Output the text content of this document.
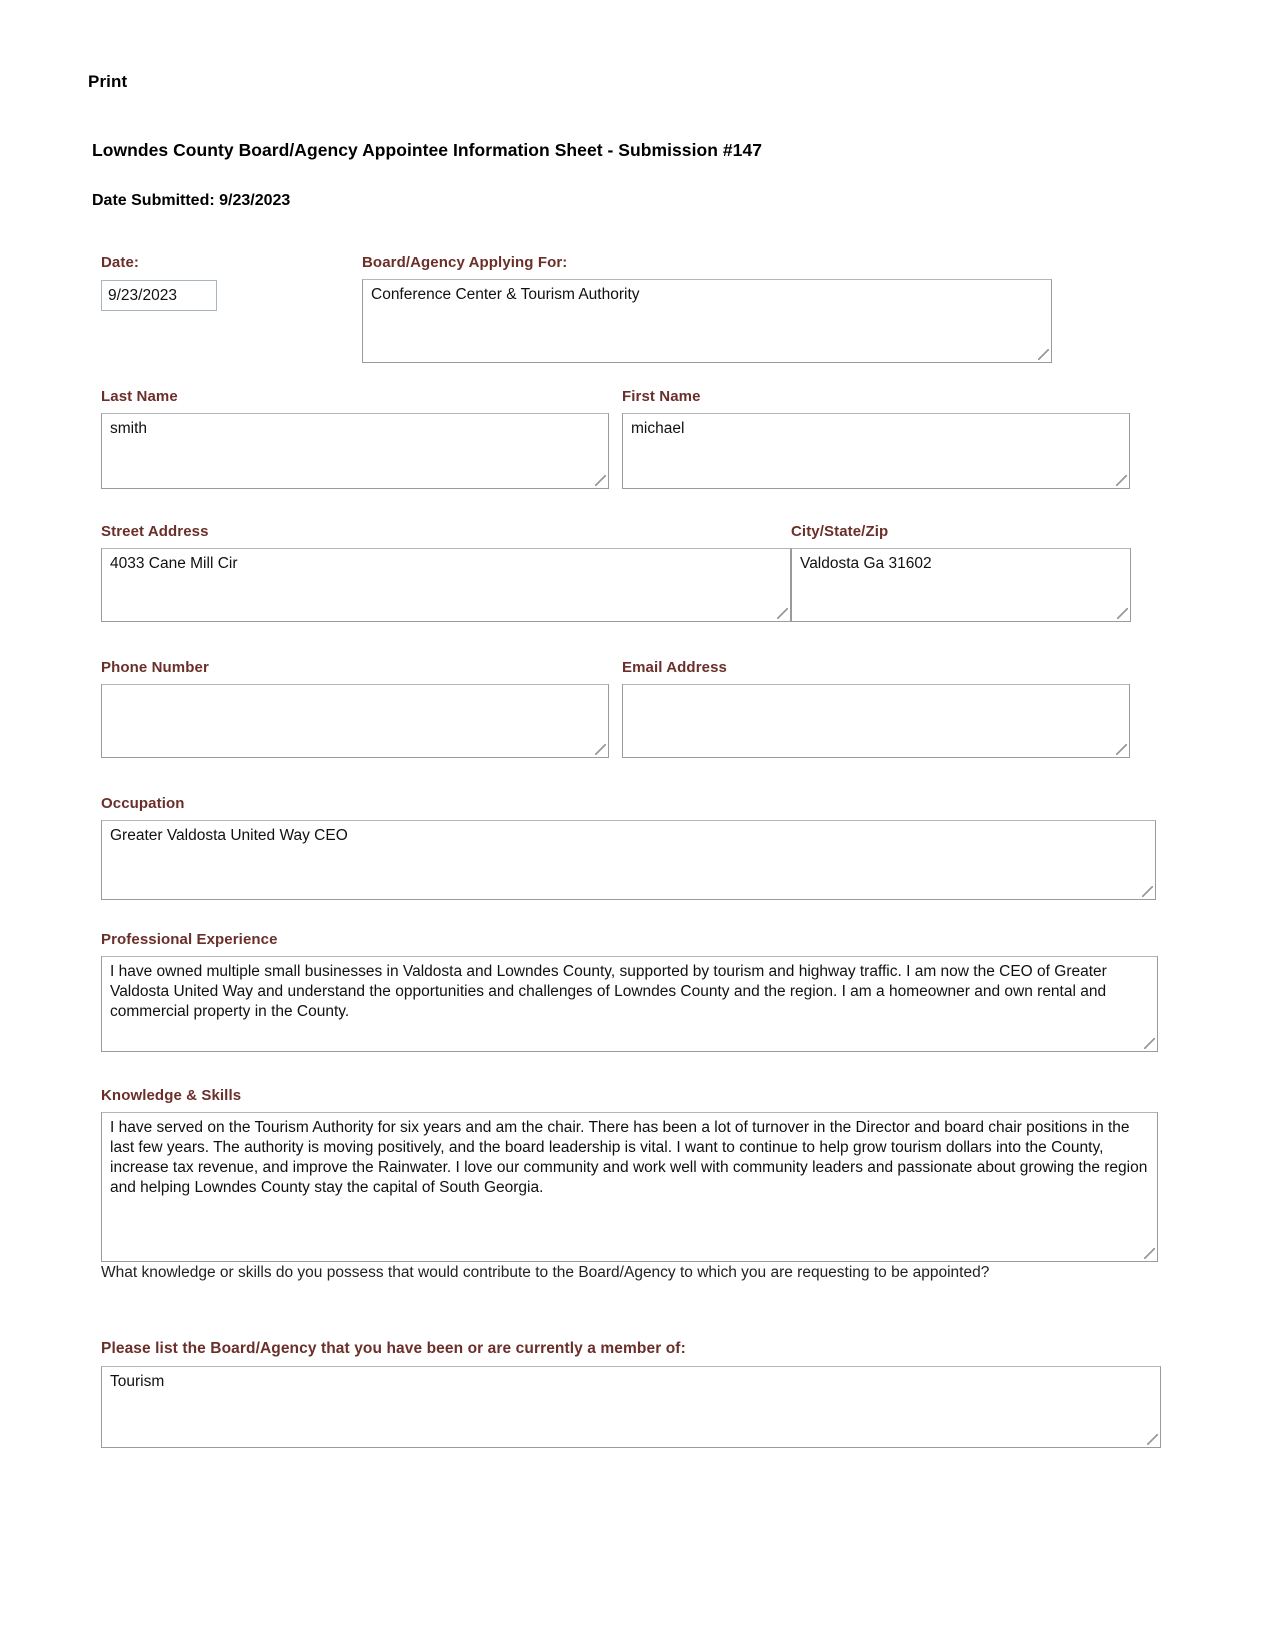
Print
Lowndes County Board/Agency Appointee Information Sheet - Submission #147
Date Submitted: 9/23/2023
Date:
9/23/2023
Board/Agency Applying For:
Conference Center & Tourism Authority
Last Name
smith
First Name
michael
Street Address
4033 Cane Mill Cir
City/State/Zip
Valdosta Ga 31602
Phone Number	Email Address
Occupation
Greater Valdosta United Way CEO
Professional Experience
I have owned multiple small businesses in Valdosta and Lowndes County, supported by tourism and highway traffic. I am now the CEO of Greater Valdosta United Way and understand the opportunities and challenges of Lowndes County and the region. I am a homeowner and own rental and commercial property in the County.
Knowledge & Skills
I have served on the Tourism Authority for six years and am the chair. There has been a lot of turnover in the Director and board chair positions in the last few years. The authority is moving positively, and the board leadership is vital. I want to continue to help grow tourism dollars into the County, increase tax revenue, and improve the Rainwater. I love our community and work well with community leaders and passionate about growing the region and helping Lowndes County stay the capital of South Georgia.
What knowledge or skills do you possess that would contribute to the Board/Agency to which you are requesting to be appointed?
Please list the Board/Agency that you have been or are currently a member of:
Tourism
